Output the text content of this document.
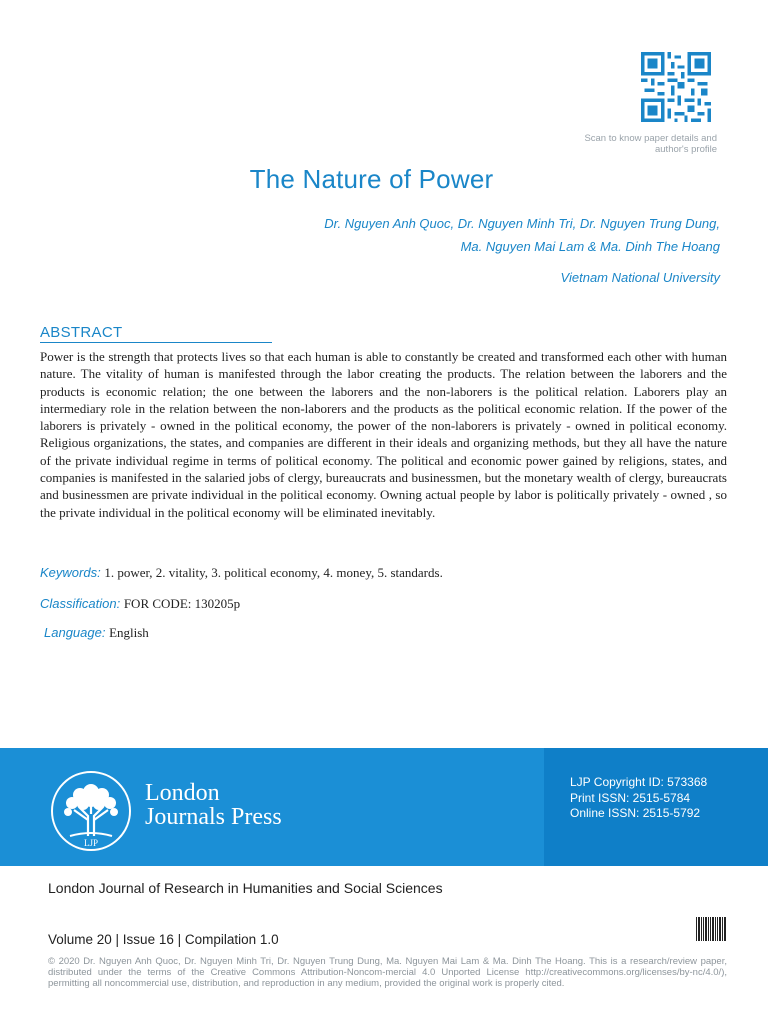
Scan to know paper details and
author's profile
The Nature of Power
Dr. Nguyen Anh Quoc, Dr. Nguyen Minh Tri, Dr. Nguyen Trung Dung,
Ma. Nguyen Mai Lam & Ma. Dinh The Hoang
Vietnam National University
ABSTRACT
Power is the strength that protects lives so that each human is able to constantly be created and transformed each other with human nature. The vitality of human is manifested through the labor creating the products. The relation between the laborers and the products is economic relation; the one between the laborers and the non-laborers is the political relation. Laborers play an intermediary role in the relation between the non-laborers and the products as the political economic relation. If the power of the laborers is privately - owned in the political economy, the power of the non-laborers is privately - owned in political economy. Religious organizations, the states, and companies are different in their ideals and organizing methods, but they all have the nature of the private individual regime in terms of political economy. The political and economic power gained by religions, states, and companies is manifested in the salaried jobs of clergy, bureaucrats and businessmen, but the monetary wealth of clergy, bureaucrats and businessmen are private individual in the political economy. Owning actual people by labor is politically privately - owned , so the private individual in the political economy will be eliminated inevitably.
Keywords: 1. power, 2. vitality, 3. political economy, 4. money, 5. standards.
Classification: FOR CODE: 130205p
Language: English
LJP
London
Journals Press
LJP Copyright ID: 573368
Print ISSN: 2515-5784
Online ISSN: 2515-5792
London Journal of Research in Humanities and Social Sciences
Volume 20 | Issue 16 | Compilation 1.0
© 2020 Dr. Nguyen Anh Quoc, Dr. Nguyen Minh Tri, Dr. Nguyen Trung Dung, Ma. Nguyen Mai Lam & Ma. Dinh The Hoang. This is a research/review paper, distributed under the terms of the Creative Commons Attribution-Noncom-mercial 4.0 Unported License http://creativecommons.org/licenses/by-nc/4.0/), permitting all noncommercial use, distribution, and reproduction in any medium, provided the original work is properly cited.
